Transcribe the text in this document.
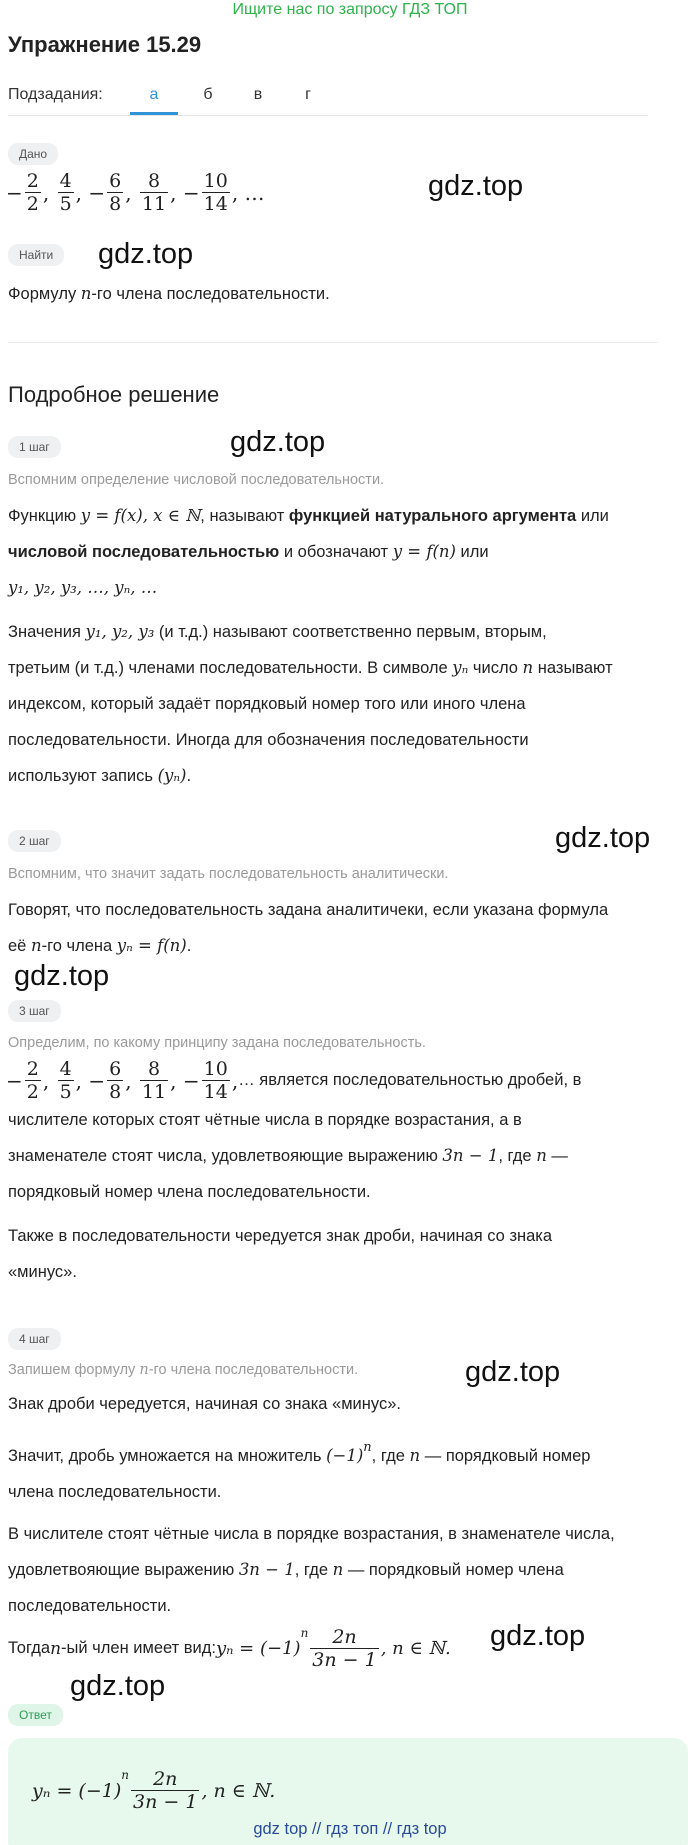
Ищите нас по запросу ГДЗ ТОП
Упражнение 15.29
Подзадания:	а	б	в	г
Дано
− $\frac{2}{2}$ , $\frac{4}{5}$ , − $\frac{6}{8}$ , $\frac{8}{11}$ , − $\frac{10}{14}$ , …	gdz.top
Найти	gdz.top
Формулу n-го члена последовательности.
Подробное решение
1 шаг	gdz.top
Вспомним определение числовой последовательности.
Функцию y = f(x), x ∈ ℕ, называют функцией натурального аргумента или
числовой последовательностью и обозначают y = f(n) или
y₁, y₂, y₃, …, yₙ, …
Значения y₁, y₂, y₃ (и т.д.) называют соответственно первым, вторым,
третьим (и т.д.) членами последовательности. В символе yₙ число n называют
индексом, который задаёт порядковый номер того или иного члена
последовательности. Иногда для обозначения последовательности
используют запись (yₙ).
2 шаг	gdz.top
Вспомним, что значит задать последовательность аналитически.
Говорят, что последовательность задана аналитичеки, если указана формула
её n-го члена yₙ = f(n).
gdz.top
3 шаг
Определим, по какому принципу задана последовательность.
− $\frac{2}{2}$ , $\frac{4}{5}$ , − $\frac{6}{8}$ , $\frac{8}{11}$ , − $\frac{10}{14}$ , … является последовательностью дробей, в
числителе которых стоят чётные числа в порядке возрастания, а в
знаменателе стоят числа, удовлетвояющие выражению 3n − 1, где n —
порядковый номер члена последовательности.
Также в последовательности чередуется знак дроби, начиная со знака
«минус».
4 шаг
Запишем формулу n-го члена последовательности.	gdz.top
Знак дроби чередуется, начиная со знака «минус».
Значит, дробь умножается на множитель $(-1)^n$, где n — порядковый номер
члена последовательности.
В числителе стоят чётные числа в порядке возрастания, в знаменателе числа,
удовлетвояющие выражению 3n − 1, где n — порядковый номер члена
последовательности.
Тогда n -ый член имеет вид: yₙ = (−1)
n $\frac{2n}{3n - 1}$ , n ∈ ℕ. gdz.top
gdz.top
Ответ
yₙ = (−1)
n $\frac{2n}{3n - 1}$ , n ∈ ℕ.
gdz top // гдз топ // гдз top
